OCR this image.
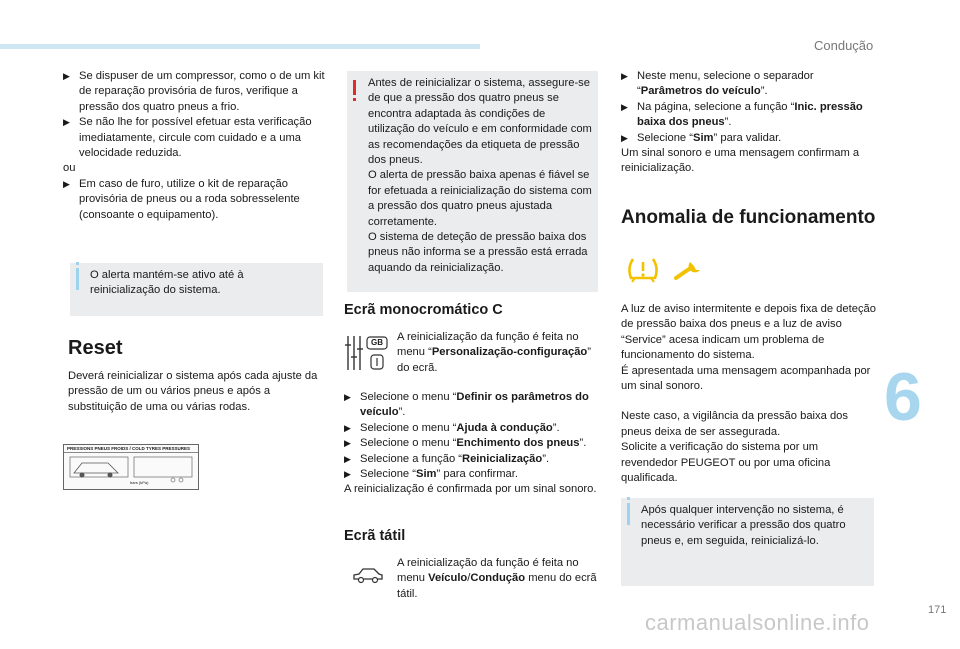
Condução
6
171
carmanualsonline.info

▶ Se dispuser de um compressor, como o de um kit de reparação provisória de furos, verifique a pressão dos quatro pneus a frio.

▶ Se não lhe for possível efetuar esta verificação imediatamente, circule com cuidado e a uma velocidade reduzida.

ou

▶ Em caso de furo, utilize o kit de reparação provisória de pneus ou a roda sobresselente (consoante o equipamento).

O alerta mantém-se ativo até à reinicialização do sistema.
Reset
Deverá reinicializar o sistema após cada ajuste da pressão de um ou vários pneus e após a substituição de uma ou várias rodas.
PRESSIONS PNEUS FROIDS / COLD TYRES PRESSURES
bars (kPa)

Antes de reinicializar o sistema, assegure-se de que a pressão dos quatro pneus se encontra adaptada às condições de utilização do veículo e em conformidade com as recomendações da etiqueta de pressão dos pneus.

O alerta de pressão baixa apenas é fiável se for efetuada a reinicialização do sistema com a pressão dos quatro pneus ajustada corretamente.

O sistema de deteção de pressão baixa dos pneus não informa se a pressão está errada aquando da reinicialização.

Ecrã monocromático C
GB A reinicialização da função é feita no menu “Personalização-configuração” do ecrã.

▶ Selecione o menu “Definir os parâmetros do veículo”.

▶ Selecione o menu “Ajuda à condução”.

▶ Selecione o menu “Enchimento dos pneus”.

▶ Selecione a função “Reinicialização”.

▶ Selecione “Sim” para confirmar.

A reinicialização é confirmada por um sinal sonoro.

Ecrã tátil
A reinicialização da função é feita no menu Veículo/Condução menu do ecrã tátil.

▶ Neste menu, selecione o separador “Parâmetros do veículo”.

▶ Na página, selecione a função “Inic. pressão baixa dos pneus”.

▶ Selecione “Sim” para validar.

Um sinal sonoro e uma mensagem confirmam a reinicialização.

Anomalia de funcionamento

A luz de aviso intermitente e depois fixa de deteção de pressão baixa dos pneus e a luz de aviso “Service” acesa indicam um problema de funcionamento do sistema.

É apresentada uma mensagem acompanhada por um sinal sonoro.

Neste caso, a vigilância da pressão baixa dos pneus deixa de ser assegurada.

Solicite a verificação do sistema por um revendedor PEUGEOT ou por uma oficina qualificada.

Após qualquer intervenção no sistema, é necessário verificar a pressão dos quatro pneus e, em seguida, reinicializá-lo.
